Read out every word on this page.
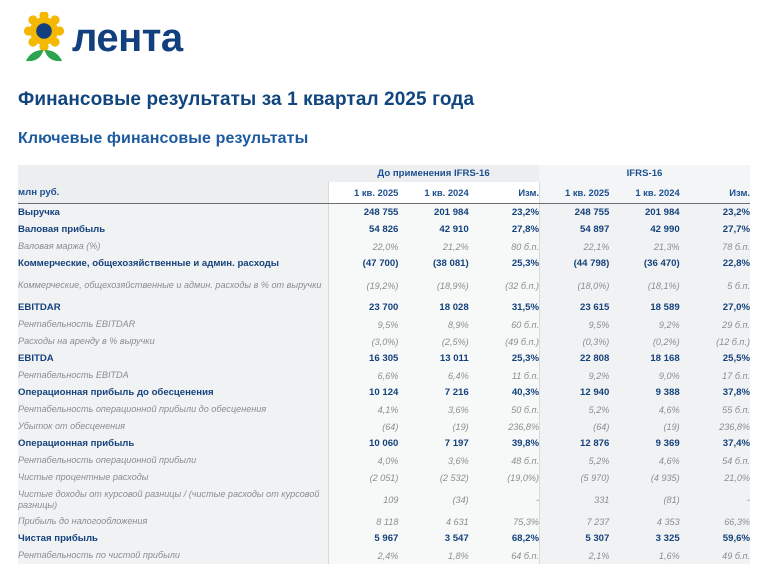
лента
Финансовые результаты за 1 квартал 2025 года
Ключевые финансовые результаты
	До применения IFRS-16			IFRS-16		
млн руб.	1 кв. 2025	1 кв. 2024	Изм.	1 кв. 2025	1 кв. 2024	Изм.

Выручка	248 755	201 984	23,2%	248 755	201 984	23,2%
Валовая прибыль	54 826	42 910	27,8%	54 897	42 990	27,7%
Валовая маржа (%)	22,0%	21,2%	80 б.п.	22,1%	21,3%	78 б.п.
Коммерческие, общехозяйственные и админ. расходы	(47 700)	(38 081)	25,3%	(44 798)	(36 470)	22,8%
Коммерческие, общехозяйственные и админ. расходы в % от выручки	(19,2%)	(18,9%)	(32 б.п.)	(18,0%)	(18,1%)	5 б.п.
EBITDAR	23 700	18 028	31,5%	23 615	18 589	27,0%
Рентабельность EBITDAR	9,5%	8,9%	60 б.п.	9,5%	9,2%	29 б.п.
Расходы на аренду в % выручки	(3,0%)	(2,5%)	(49 б.п.)	(0,3%)	(0,2%)	(12 б.п.)
EBITDA	16 305	13 011	25,3%	22 808	18 168	25,5%
Рентабельность EBITDA	6,6%	6,4%	11 б.п.	9,2%	9,0%	17 б.п.
Операционная прибыль до обесценения	10 124	7 216	40,3%	12 940	9 388	37,8%
Рентабельность операционной прибыли до обесценения	4,1%	3,6%	50 б.п.	5,2%	4,6%	55 б.п.
Убыток от обесценения	(64)	(19)	236,8%	(64)	(19)	236,8%
Операционная прибыль	10 060	7 197	39,8%	12 876	9 369	37,4%
Рентабельность операционной прибыли	4,0%	3,6%	48 б.п.	5,2%	4,6%	54 б.п.
Чистые процентные расходы	(2 051)	(2 532)	(19,0%)	(5 970)	(4 935)	21,0%
Чистые доходы от курсовой разницы / (чистые расходы от курсовой разницы)	109	(34)	-	331	(81)	-
Прибыль до налогообложения	8 118	4 631	75,3%	7 237	4 353	66,3%
Чистая прибыль	5 967	3 547	68,2%	5 307	3 325	59,6%
Рентабельность по чистой прибыли	2,4%	1,8%	64 б.п.	2,1%	1,6%	49 б.п.
